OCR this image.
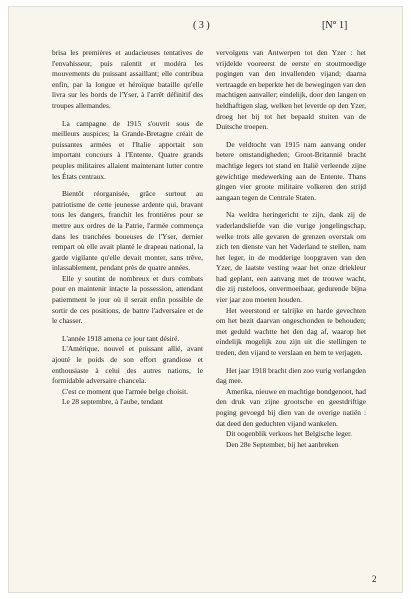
( 3 )	[N° 1]

brisa les premières et audacieuses tentatives de l'envahisseur, puis ralentit et modéra les mouvements du puissant assaillant; elle contribua enfin, par la longue et héroïque bataille qu'elle livra sur les bords de l'Yser, à l'arrêt définitif des troupes allemandes.

La campagne de 1915 s'ouvrit sous de meilleurs auspices; la Grande-Bretagne créait de puissantes armées et l'Italie apportait son important concours à l'Entente. Quatre grands peuples militaires allaient maintenant lutter contre les États centraux.

Bientôt réorganisée, grâce surtout au patriotisme de cette jeunesse ardente qui, bravant tous les dangers, franchit les frontières pour se mettre aux ordres de la Patrie, l'armée commença dans les tranchées boueuses de l'Yser, dernier rempart où elle avait planté le drapeau national, la garde vigilante qu'elle devait monter, sans trêve, inlassablement, pendant près de quatre années.

Elle y soutint de nombreux et durs combats pour en maintenir intacte la possession, attendant patiemment le jour où il serait enfin possible de sortir de ces positions, de battre l'adversaire et de le chasser.

L'année 1918 amena ce jour tant désiré.

L'Amérique, nouvel et puissant allié, avant ajouté le poids de son effort grandiose et enthousiaste à celui des autres nations, le formidable adversaire chancela.

C'est ce moment que l'armée belge choisit.

Le 28 septembre, à l'aube, tendant

vervolgens van Antwerpen tot den Yzer : het vrijdelde vooreerst de eerste en stoutmoedige pogingen van den invallenden vijand; daarna vertraagde en beperkte het de bewegingen van den machtigen aanvaller; eindelijk, door den langen en heldhaftigen slag, welken het leverde op den Yzer, droeg het bij tot het bepaald stuiten van de Duitsche troepen.

De veldtocht van 1915 nam aanvang onder betere omstandigheden; Groot-Britannië bracht machtige legers tot stand en Italië verleende zijne gewichtige medewerking aan de Entente. Thans gingen vier groote militaire volkeren den strijd aangaan tegen de Centrale Staten.

Na weldra heringericht te zijn, dank zij de vaderlandsliefde van die vurige jongelingschap, welke trots alle gevaren de grenzen overstak om zich ten dienste van het Vaderland te stellen, nam het leger, in de modderige loopgraven van den Yzer, de laatste vesting waar het onze driekleur had geplant, een aanvang met de trouwe wacht, die zij rusteloos, onvermoeibaar, gedurende bijna vier jaar zou moeten houden.

Het weerstond er talrijke en harde gevechten om het bezit daarvan ongeschonden te behouden; met geduld wachtte het den dag af, waarop het eindelijk mogelijk zou zijn uit die stellingen te treden, den vijand te verslaan en hem te verjagen.

Het jaar 1918 bracht dien zoo vurig verlangden dag mee.

Amerika, nieuwe en machtige bondgenoot, had den druk van zijne grootsche en geestdriftige poging gevoegd bij dien van de overige natiën : dat deed den geduchten vijand wankelen.

Dit oogenblik verkoos het Belgische leger.

Den 28e September, bij het aanbreken

2
